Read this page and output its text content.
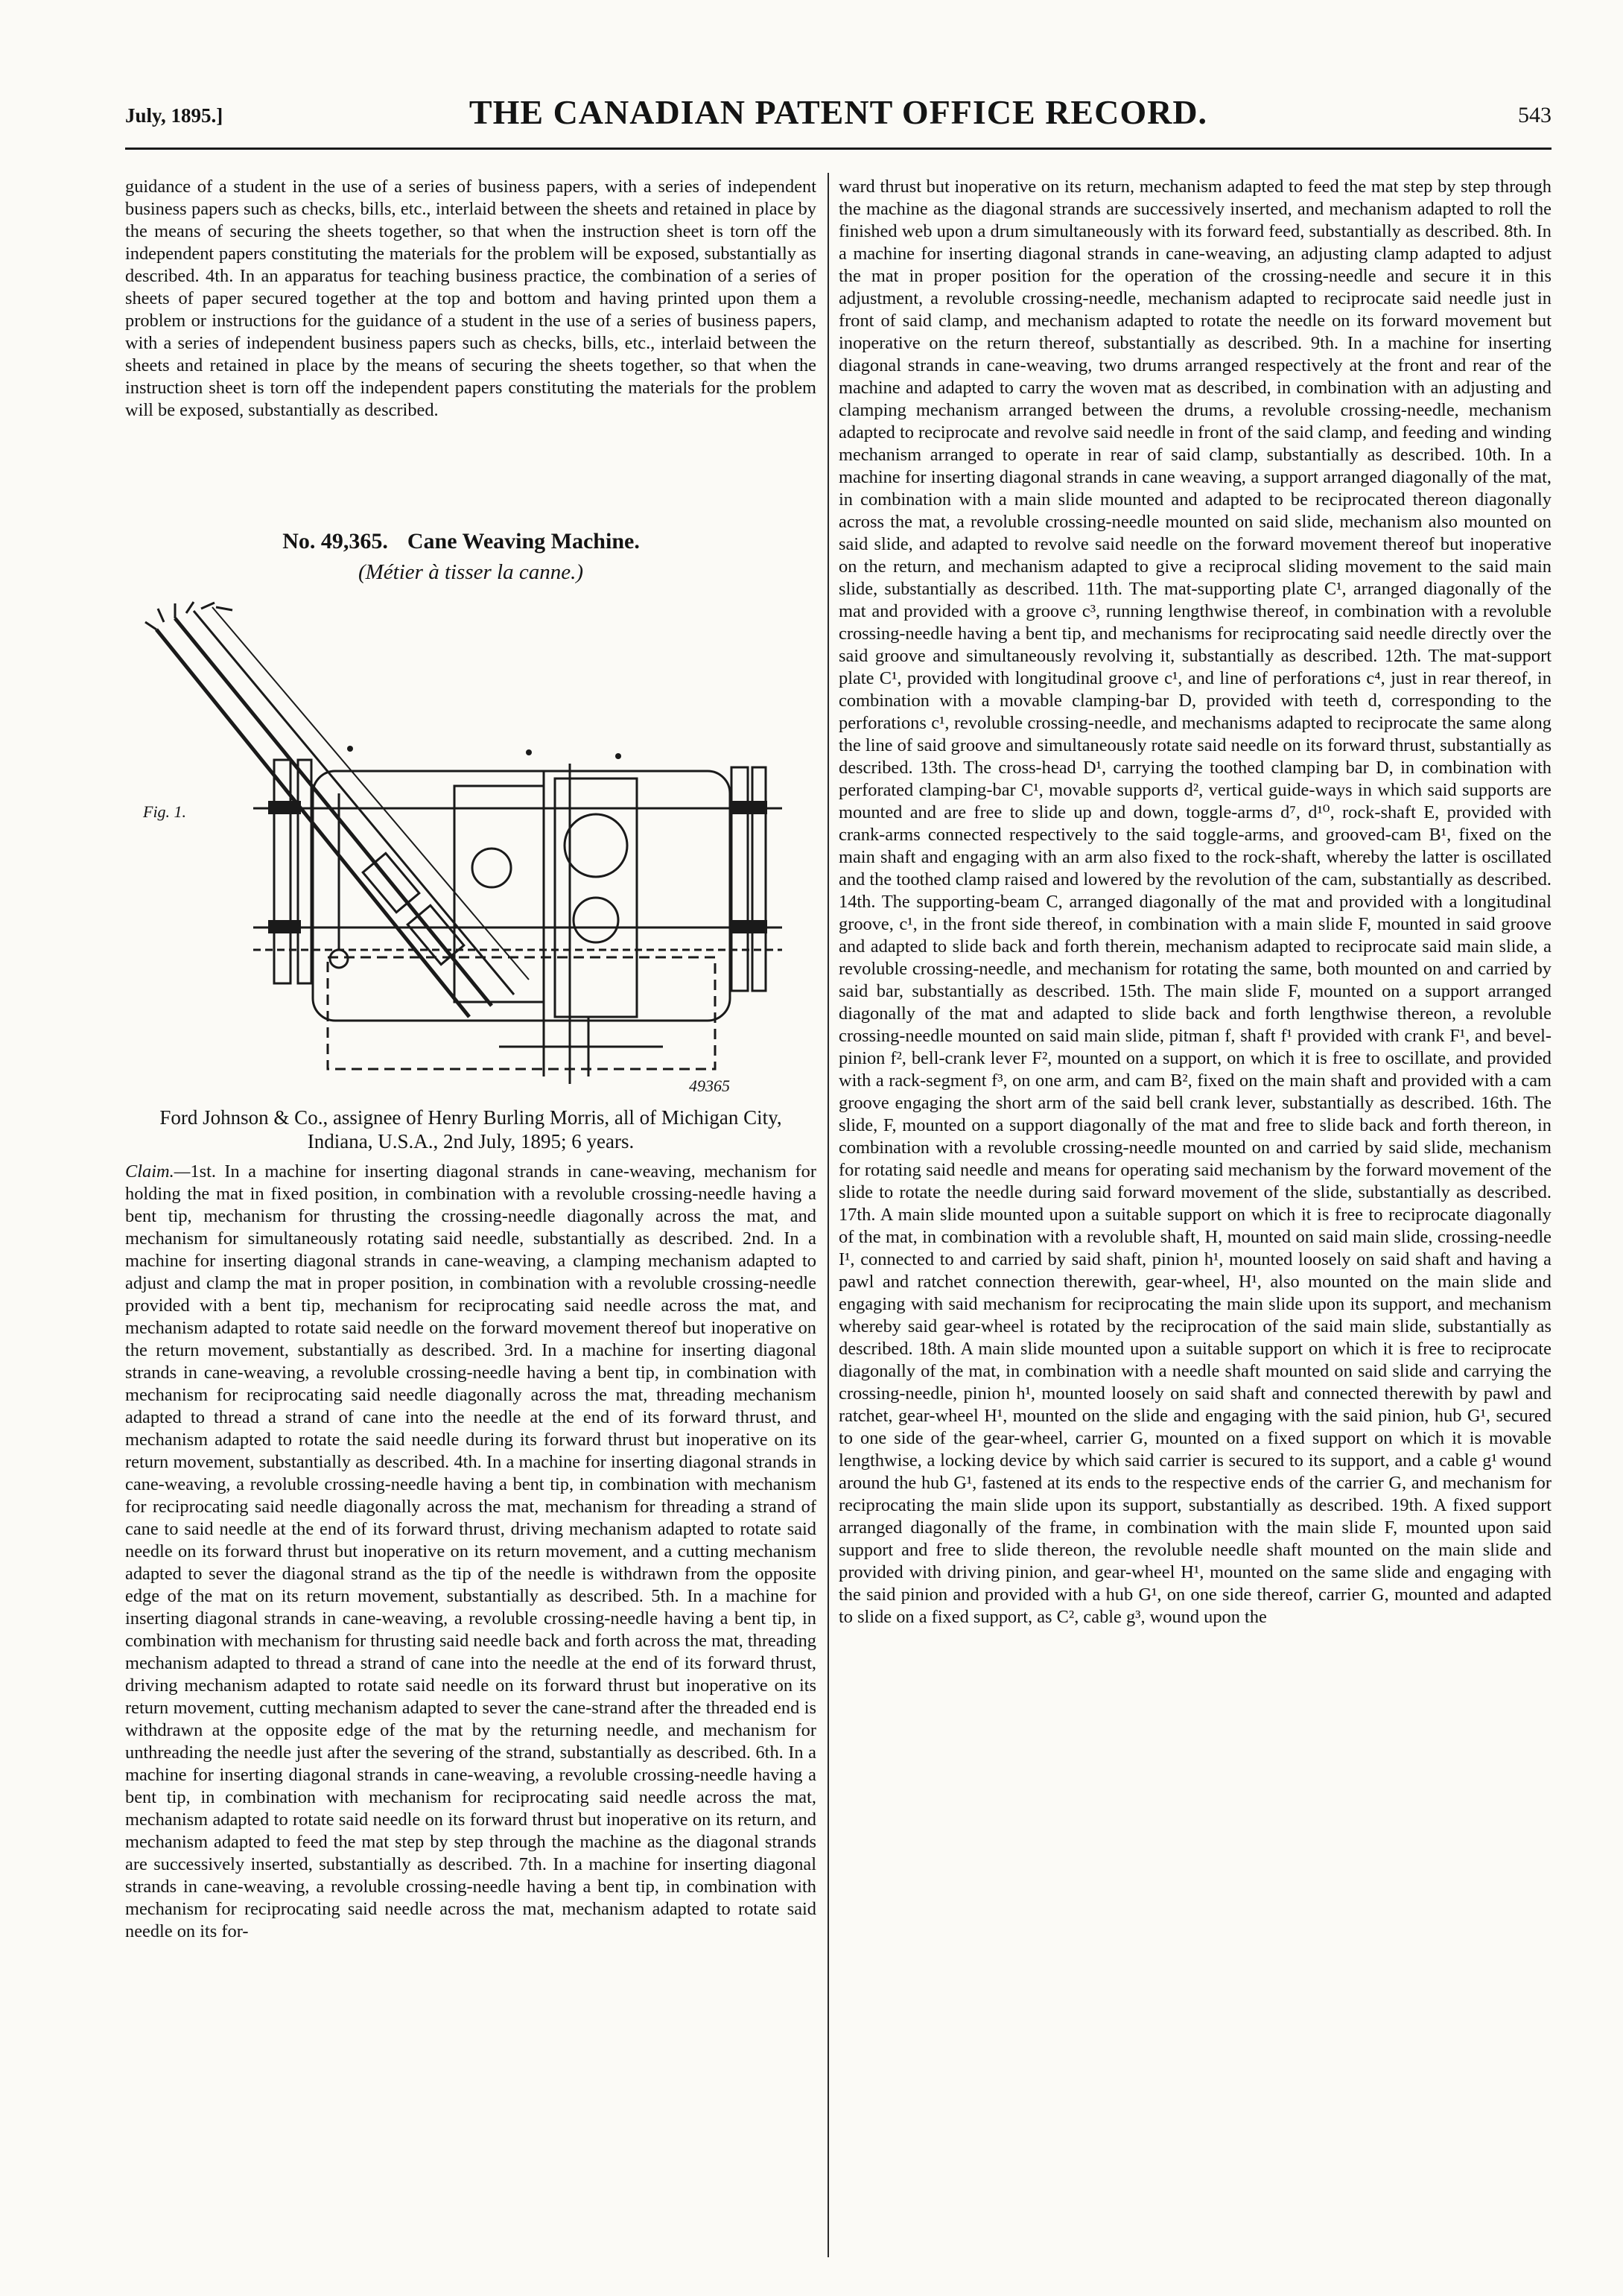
July, 1895.]	THE CANADIAN PATENT OFFICE RECORD.	543

guidance of a student in the use of a series of business papers, with a series of independent business papers such as checks, bills, etc., interlaid between the sheets and retained in place by the means of securing the sheets together, so that when the instruction sheet is torn off the independent papers constituting the materials for the problem will be exposed, substantially as described. 4th. In an apparatus for teaching business practice, the combination of a series of sheets of paper secured together at the top and bottom and having printed upon them a problem or instructions for the guidance of a student in the use of a series of business papers, with a series of independent business papers such as checks, bills, etc., interlaid between the sheets and retained in place by the means of securing the sheets together, so that when the instruction sheet is torn off the independent papers constituting the materials for the problem will be exposed, substantially as described.

No. 49,365. Cane Weaving Machine.
(Métier à tisser la canne.)
Fig. 1.
49365

Ford Johnson & Co., assignee of Henry Burling Morris, all of Michigan City, Indiana, U.S.A., 2nd July, 1895; 6 years.

Claim.—1st. In a machine for inserting diagonal strands in cane-weaving, mechanism for holding the mat in fixed position, in combination with a revoluble crossing-needle having a bent tip, mechanism for thrusting the crossing-needle diagonally across the mat, and mechanism for simultaneously rotating said needle, substantially as described. 2nd. In a machine for inserting diagonal strands in cane-weaving, a clamping mechanism adapted to adjust and clamp the mat in proper position, in combination with a revoluble crossing-needle provided with a bent tip, mechanism for reciprocating said needle across the mat, and mechanism adapted to rotate said needle on the forward movement thereof but inoperative on the return movement, substantially as described. 3rd. In a machine for inserting diagonal strands in cane-weaving, a revoluble crossing-needle having a bent tip, in combination with mechanism for reciprocating said needle diagonally across the mat, threading mechanism adapted to thread a strand of cane into the needle at the end of its forward thrust, and mechanism adapted to rotate the said needle during its forward thrust but inoperative on its return movement, substantially as described. 4th. In a machine for inserting diagonal strands in cane-weaving, a revoluble crossing-needle having a bent tip, in combination with mechanism for reciprocating said needle diagonally across the mat, mechanism for threading a strand of cane to said needle at the end of its forward thrust, driving mechanism adapted to rotate said needle on its forward thrust but inoperative on its return movement, and a cutting mechanism adapted to sever the diagonal strand as the tip of the needle is withdrawn from the opposite edge of the mat on its return movement, substantially as described. 5th. In a machine for inserting diagonal strands in cane-weaving, a revoluble crossing-needle having a bent tip, in combination with mechanism for thrusting said needle back and forth across the mat, threading mechanism adapted to thread a strand of cane into the needle at the end of its forward thrust, driving mechanism adapted to rotate said needle on its forward thrust but inoperative on its return movement, cutting mechanism adapted to sever the cane-strand after the threaded end is withdrawn at the opposite edge of the mat by the returning needle, and mechanism for unthreading the needle just after the severing of the strand, substantially as described. 6th. In a machine for inserting diagonal strands in cane-weaving, a revoluble crossing-needle having a bent tip, in combination with mechanism for reciprocating said needle across the mat, mechanism adapted to rotate said needle on its forward thrust but inoperative on its return, and mechanism adapted to feed the mat step by step through the machine as the diagonal strands are successively inserted, substantially as described. 7th. In a machine for inserting diagonal strands in cane-weaving, a revoluble crossing-needle having a bent tip, in combination with mechanism for reciprocating said needle across the mat, mechanism adapted to rotate said needle on its for-

ward thrust but inoperative on its return, mechanism adapted to feed the mat step by step through the machine as the diagonal strands are successively inserted, and mechanism adapted to roll the finished web upon a drum simultaneously with its forward feed, substantially as described. 8th. In a machine for inserting diagonal strands in cane-weaving, an adjusting clamp adapted to adjust the mat in proper position for the operation of the crossing-needle and secure it in this adjustment, a revoluble crossing-needle, mechanism adapted to reciprocate said needle just in front of said clamp, and mechanism adapted to rotate the needle on its forward movement but inoperative on the return thereof, substantially as described. 9th. In a machine for inserting diagonal strands in cane-weaving, two drums arranged respectively at the front and rear of the machine and adapted to carry the woven mat as described, in combination with an adjusting and clamping mechanism arranged between the drums, a revoluble crossing-needle, mechanism adapted to reciprocate and revolve said needle in front of the said clamp, and feeding and winding mechanism arranged to operate in rear of said clamp, substantially as described. 10th. In a machine for inserting diagonal strands in cane weaving, a support arranged diagonally of the mat, in combination with a main slide mounted and adapted to be reciprocated thereon diagonally across the mat, a revoluble crossing-needle mounted on said slide, mechanism also mounted on said slide, and adapted to revolve said needle on the forward movement thereof but inoperative on the return, and mechanism adapted to give a reciprocal sliding movement to the said main slide, substantially as described. 11th. The mat-supporting plate C¹, arranged diagonally of the mat and provided with a groove c³, running lengthwise thereof, in combination with a revoluble crossing-needle having a bent tip, and mechanisms for reciprocating said needle directly over the said groove and simultaneously revolving it, substantially as described. 12th. The mat-support plate C¹, provided with longitudinal groove c¹, and line of perforations c⁴, just in rear thereof, in combination with a movable clamping-bar D, provided with teeth d, corresponding to the perforations c¹, revoluble crossing-needle, and mechanisms adapted to reciprocate the same along the line of said groove and simultaneously rotate said needle on its forward thrust, substantially as described. 13th. The cross-head D¹, carrying the toothed clamping bar D, in combination with perforated clamping-bar C¹, movable supports d², vertical guide-ways in which said supports are mounted and are free to slide up and down, toggle-arms d⁷, d¹⁰, rock-shaft E, provided with crank-arms connected respectively to the said toggle-arms, and grooved-cam B¹, fixed on the main shaft and engaging with an arm also fixed to the rock-shaft, whereby the latter is oscillated and the toothed clamp raised and lowered by the revolution of the cam, substantially as described. 14th. The supporting-beam C, arranged diagonally of the mat and provided with a longitudinal groove, c¹, in the front side thereof, in combination with a main slide F, mounted in said groove and adapted to slide back and forth therein, mechanism adapted to reciprocate said main slide, a revoluble crossing-needle, and mechanism for rotating the same, both mounted on and carried by said bar, substantially as described. 15th. The main slide F, mounted on a support arranged diagonally of the mat and adapted to slide back and forth lengthwise thereon, a revoluble crossing-needle mounted on said main slide, pitman f, shaft f¹ provided with crank F¹, and bevel-pinion f², bell-crank lever F², mounted on a support, on which it is free to oscillate, and provided with a rack-segment f³, on one arm, and cam B², fixed on the main shaft and provided with a cam groove engaging the short arm of the said bell crank lever, substantially as described. 16th. The slide, F, mounted on a support diagonally of the mat and free to slide back and forth thereon, in combination with a revoluble crossing-needle mounted on and carried by said slide, mechanism for rotating said needle and means for operating said mechanism by the forward movement of the slide to rotate the needle during said forward movement of the slide, substantially as described. 17th. A main slide mounted upon a suitable support on which it is free to reciprocate diagonally of the mat, in combination with a revoluble shaft, H, mounted on said main slide, crossing-needle I¹, connected to and carried by said shaft, pinion h¹, mounted loosely on said shaft and having a pawl and ratchet connection therewith, gear-wheel, H¹, also mounted on the main slide and engaging with said mechanism for reciprocating the main slide upon its support, and mechanism whereby said gear-wheel is rotated by the reciprocation of the said main slide, substantially as described. 18th. A main slide mounted upon a suitable support on which it is free to reciprocate diagonally of the mat, in combination with a needle shaft mounted on said slide and carrying the crossing-needle, pinion h¹, mounted loosely on said shaft and connected therewith by pawl and ratchet, gear-wheel H¹, mounted on the slide and engaging with the said pinion, hub G¹, secured to one side of the gear-wheel, carrier G, mounted on a fixed support on which it is movable lengthwise, a locking device by which said carrier is secured to its support, and a cable g¹ wound around the hub G¹, fastened at its ends to the respective ends of the carrier G, and mechanism for reciprocating the main slide upon its support, substantially as described. 19th. A fixed support arranged diagonally of the frame, in combination with the main slide F, mounted upon said support and free to slide thereon, the revoluble needle shaft mounted on the main slide and provided with driving pinion, and gear-wheel H¹, mounted on the same slide and engaging with the said pinion and provided with a hub G¹, on one side thereof, carrier G, mounted and adapted to slide on a fixed support, as C², cable g³, wound upon the
